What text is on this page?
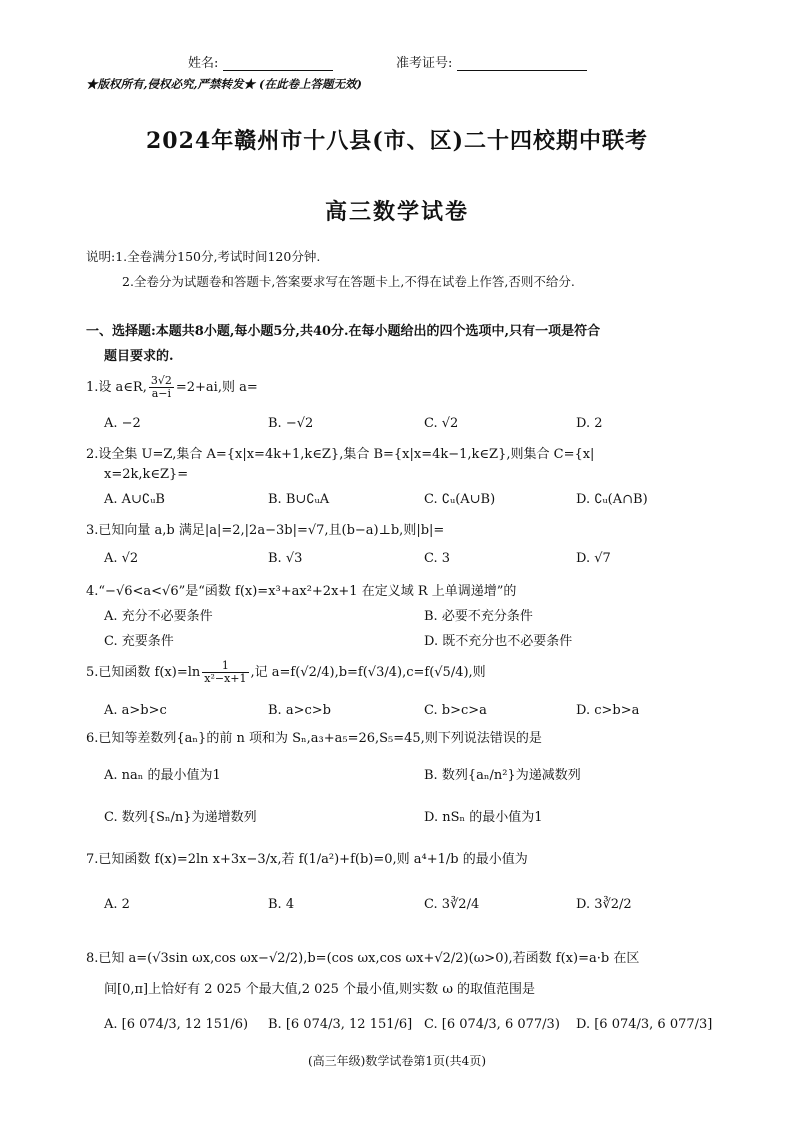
姓名:	准考证号:
★版权所有,侵权必究,严禁转发★ (在此卷上答题无效)
2024年赣州市十八县(市、区)二十四校期中联考
高三数学试卷
说明:1.全卷满分150分,考试时间120分钟.
2.全卷分为试题卷和答题卡,答案要求写在答题卡上,不得在试卷上作答,否则不给分.
一、选择题:本题共8小题,每小题5分,共40分.在每小题给出的四个选项中,只有一项是符合
题目要求的.
1.设 a∈R, $\frac{3√2}{a-i} =2+ai$,则 a=
A. −2	B. −√2	C. √2	D. 2
2.设全集 U=Z,集合 A={x|x=4k+1,k∈Z},集合 B={x|x=4k−1,k∈Z},则集合 C={x|
x=2k,k∈Z}=
A. A∪∁ᵤB	B. B∪∁ᵤA	C. ∁ᵤ(A∪B)	D. ∁ᵤ(A∩B)
3.已知向量 a,b 满足|a|=2,|2a−3b|=√7,且(b−a)⊥b,则|b|=
A. √2	B. √3	C. 3	D. √7
4.“−√6<a<√6”是“函数 f(x)=x³+ax²+2x+1 在定义域 R 上单调递增”的
A. 充分不必要条件	B. 必要不充分条件
C. 充要条件	D. 既不充分也不必要条件
5.已知函数 $f(x)=\ln \frac{1}{\text{x²−x+1}}$ ,记 a=f(√2/4),b=f(√3/4),c=f(√5/4),则
A. a>b>c	B. a>c>b	C. b>c>a	D. c>b>a
6.已知等差数列{aₙ}的前 n 项和为 Sₙ,a₃+a₅=26,S₅=45,则下列说法错误的是
A. naₙ 的最小值为1	B. 数列{aₙ/n²}为递减数列
C. 数列{Sₙ/n}为递增数列	D. nSₙ 的最小值为1
7.已知函数 f(x)=2ln x+3x−3/x,若 f(1/a²)+f(b)=0,则 a⁴+1/b 的最小值为
A. 2	B. 4	C. 3∛2/4	D. 3∛2/2
8.已知 a=(√3sin ωx,cos ωx−√2/2),b=(cos ωx,cos ωx+√2/2)(ω>0),若函数 f(x)=a·b 在区
间[0,π]上恰好有 2 025 个最大值,2 025 个最小值,则实数 ω 的取值范围是
A. [6 074/3, 12 151/6) B. [6 074/3, 12 151/6] C. [6 074/3, 6 077/3) D. [6 074/3, 6 077/3]
(高三年级)数学试卷第1页(共4页)
